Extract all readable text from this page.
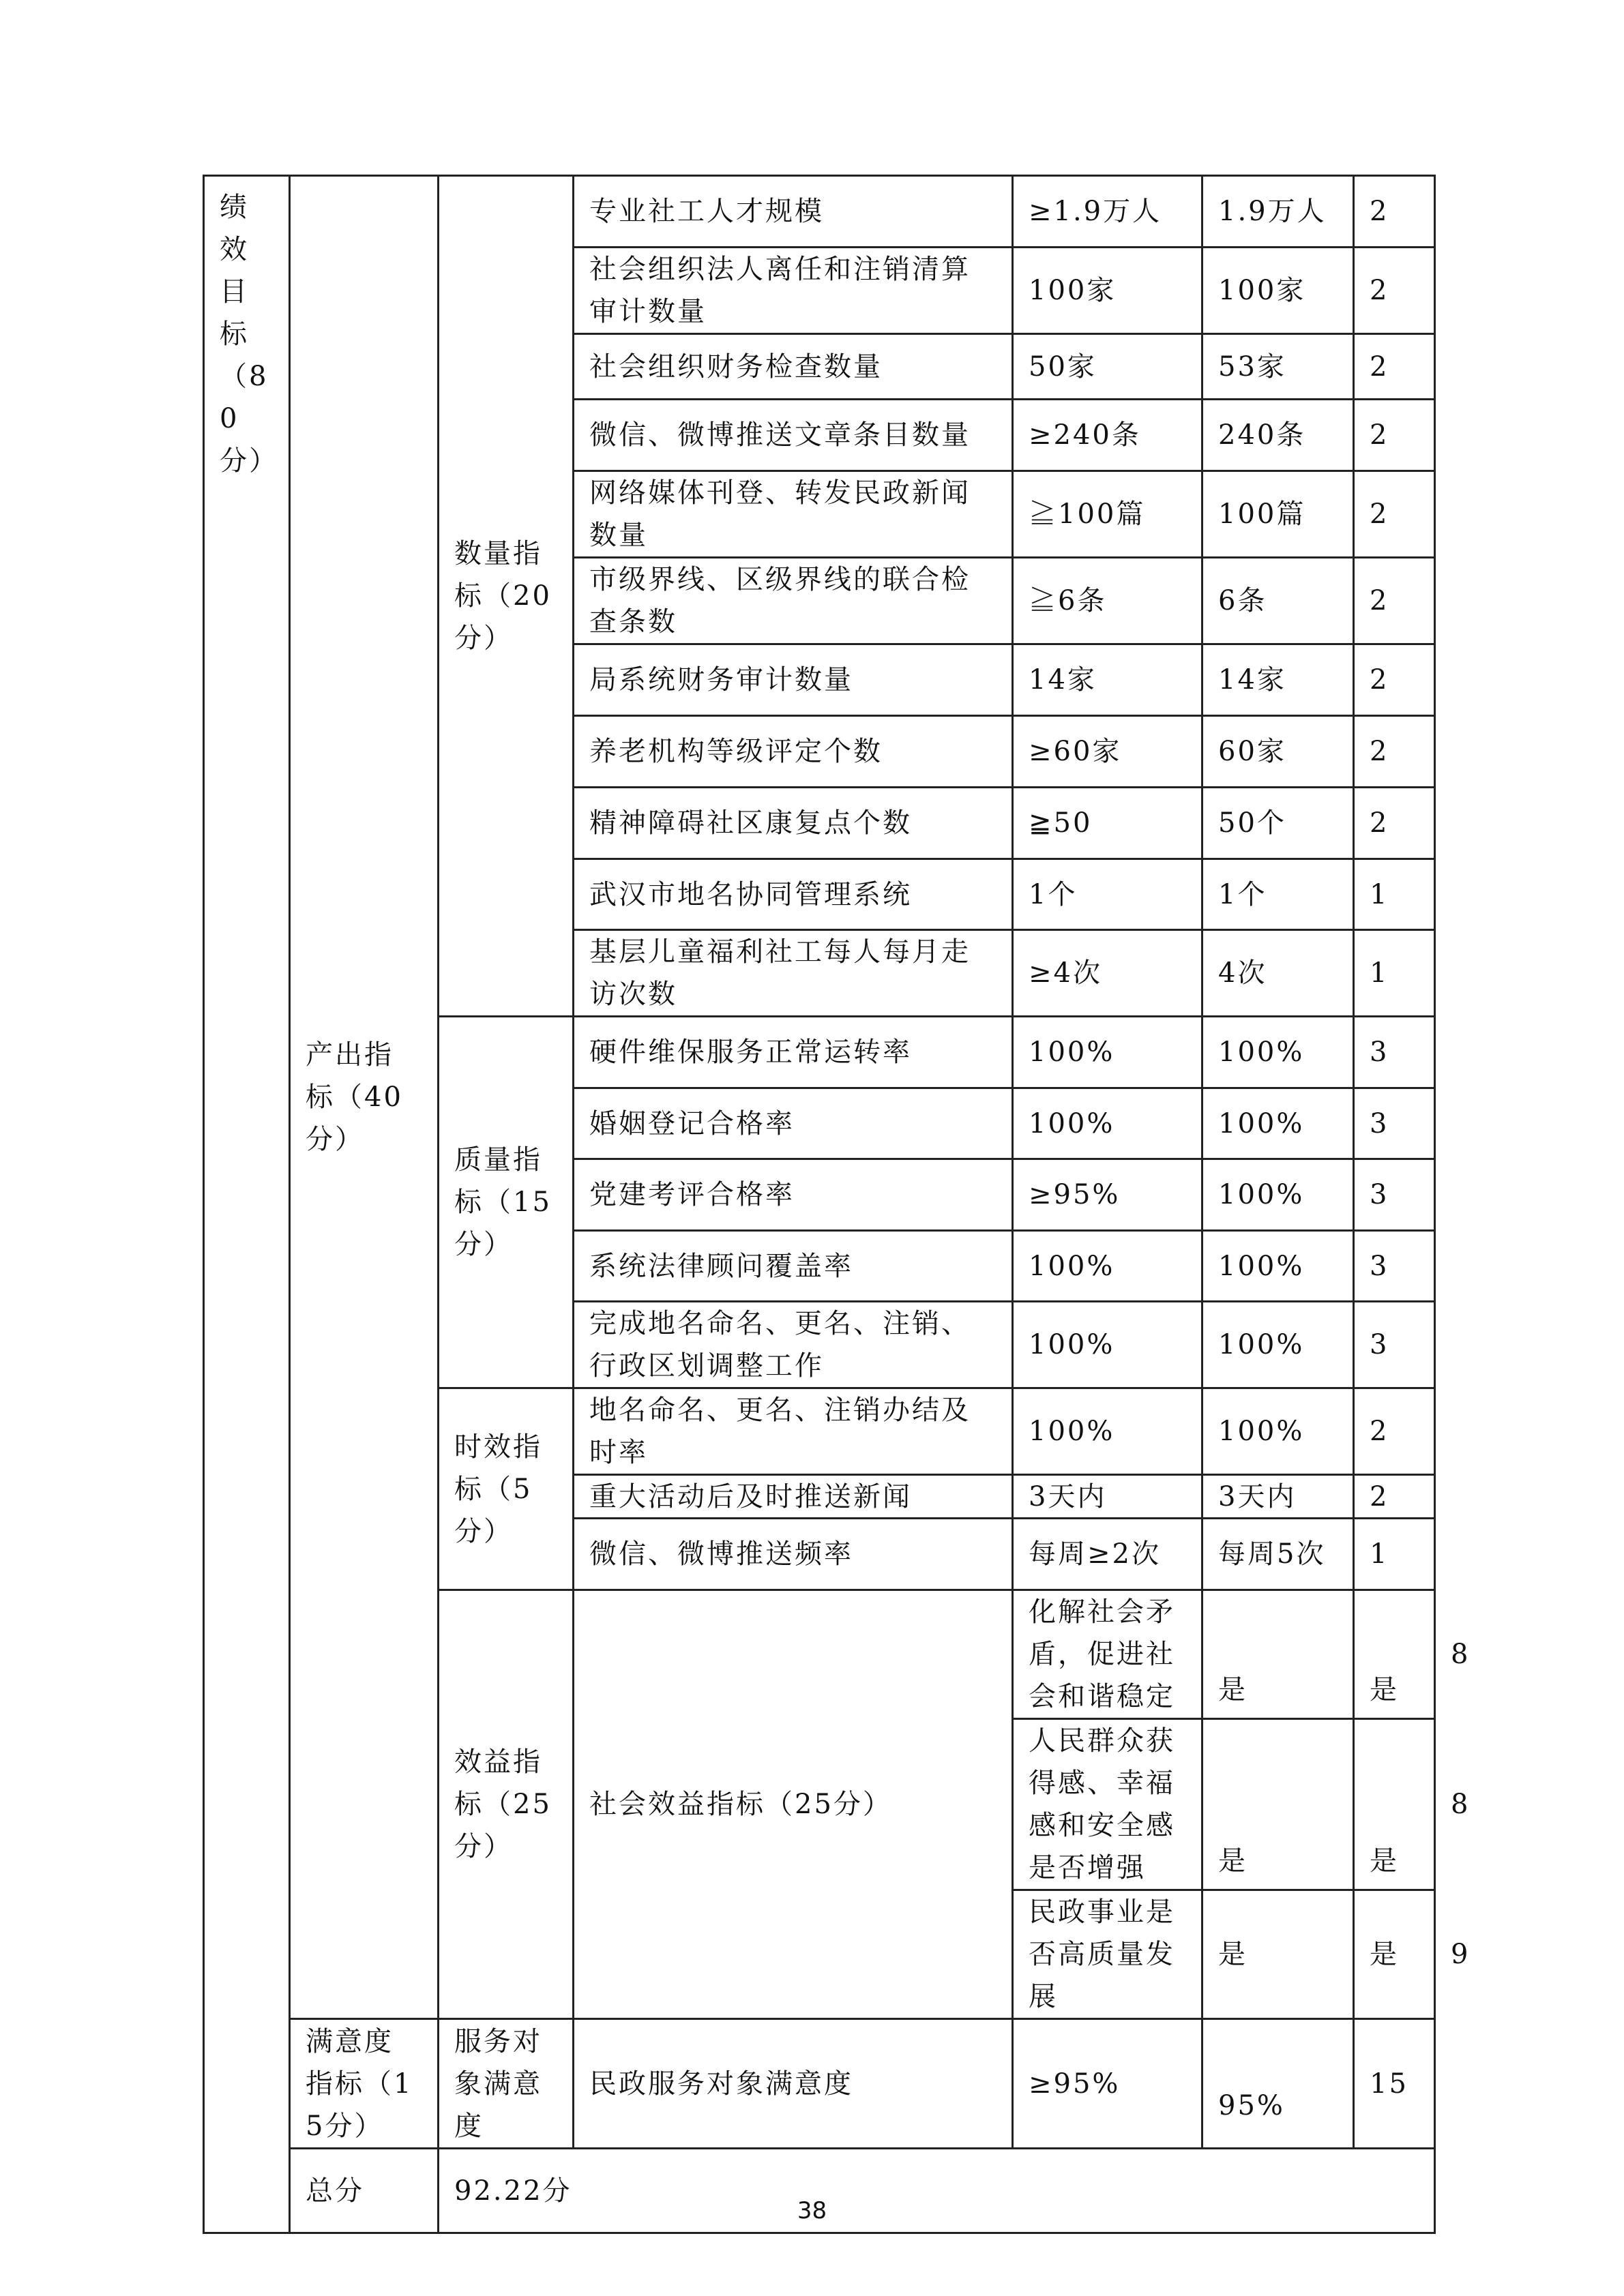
绩效目标（80分）	产出指标（40分）	数量指标（20分）	专业社工人才规模	≥1.9万人	1.9万人	2	
			社会组织法人离任和注销清算审计数量	100家	100家	2	
			社会组织财务检查数量	50家	53家	2	
			微信、微博推送文章条目数量	≥240条	240条	2	
			网络媒体刊登、转发民政新闻数量	≧100篇	100篇	2	
			市级界线、区级界线的联合检查条数	≧6条	6条	2	
			局系统财务审计数量	14家	14家	2	
			养老机构等级评定个数	≥60家	60家	2	
			精神障碍社区康复点个数	≧50	50个	2	
			武汉市地名协同管理系统	1个	1个	1	
			基层儿童福利社工每人每月走访次数	≥4次	4次	1	
		质量指标（15分）	硬件维保服务正常运转率	100%	100%	3	
			婚姻登记合格率	100%	100%	3	
			党建考评合格率	≥95%	100%	3	
			系统法律顾问覆盖率	100%	100%	3	
			完成地名命名、更名、注销、行政区划调整工作	100%	100%	3	
		时效指标（5分）	地名命名、更名、注销办结及时率	100%	100%	2	
			重大活动后及时推送新闻	3天内	3天内	2	
			微信、微博推送频率	每周≥2次	每周5次	1	
		效益指标（25分）	社会效益指标（25分）	化解社会矛盾，促进社会和谐稳定	是	是	8
				人民群众获得感、幸福感和安全感是否增强	是	是	8
				民政事业是否高质量发展	是	是	9
	满意度指标（15分）	服务对象满意度	民政服务对象满意度	≥95%	95%	15	
	总分	92.22分					
38
